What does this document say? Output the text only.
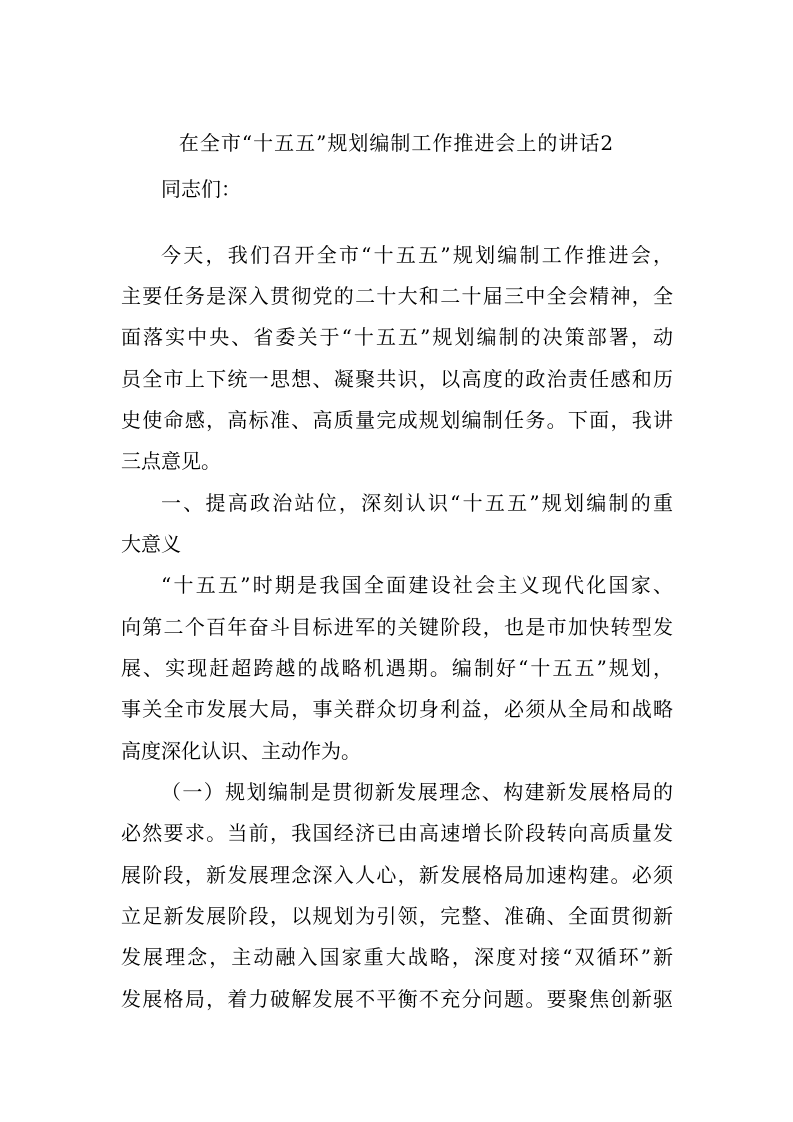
在全市“十五五”规划编制工作推进会上的讲话2
同志们：
今天，我们召开全市“十五五”规划编制工作推进会，
主要任务是深入贯彻党的二十大和二十届三中全会精神，全
面落实中央、省委关于“十五五”规划编制的决策部署，动
员全市上下统一思想、凝聚共识，以高度的政治责任感和历
史使命感，高标准、高质量完成规划编制任务。下面，我讲
三点意见。
一、提高政治站位，深刻认识“十五五”规划编制的重
大意义
“十五五”时期是我国全面建设社会主义现代化国家、
向第二个百年奋斗目标进军的关键阶段，也是市加快转型发
展、实现赶超跨越的战略机遇期。编制好“十五五”规划，
事关全市发展大局，事关群众切身利益，必须从全局和战略
高度深化认识、主动作为。
（一）规划编制是贯彻新发展理念、构建新发展格局的
必然要求。当前，我国经济已由高速增长阶段转向高质量发
展阶段，新发展理念深入人心，新发展格局加速构建。必须
立足新发展阶段，以规划为引领，完整、准确、全面贯彻新
发展理念，主动融入国家重大战略，深度对接“双循环”新
发展格局，着力破解发展不平衡不充分问题。要聚焦创新驱
